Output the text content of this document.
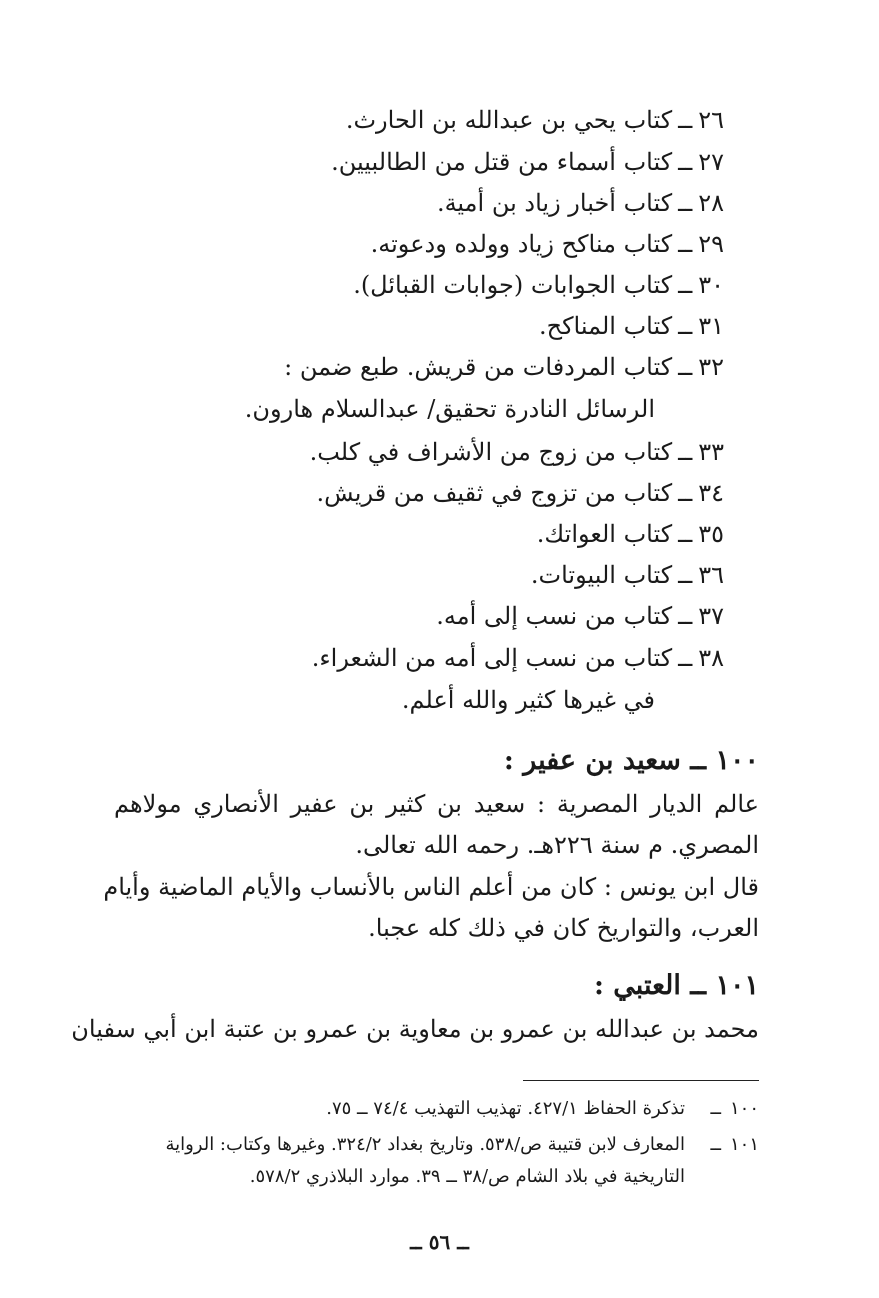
٢٦ــكتاب يحي بن عبدالله بن الحارث.
٢٧ــكتاب أسماء من قتل من الطالبيين.
٢٨ــكتاب أخبار زياد بن أمية.
٢٩ــكتاب مناكح زياد وولده ودعوته.
٣٠ــكتاب الجوابات (جوابات القبائل).
٣١ــكتاب المناكح.
٣٢ــكتاب المردفات من قريش. طبع ضمن :
الرسائل النادرة تحقيق/ عبدالسلام هارون.
٣٣ــكتاب من زوج من الأشراف في كلب.
٣٤ــكتاب من تزوج في ثقيف من قريش.
٣٥ــكتاب العواتك.
٣٦ــكتاب البيوتات.
٣٧ــكتاب من نسب إلى أمه.
٣٨ــكتاب من نسب إلى أمه من الشعراء.
في غيرها كثير والله أعلم.
١٠٠ ــ سعيد بن عفير :
عالم الديار المصرية : سعيد بن كثير بن عفير الأنصاري مولاهم
المصري. م سنة ٢٢٦هـ. رحمه الله تعالى.
قال ابن يونس : كان من أعلم الناس بالأنساب والأيام الماضية وأيام
العرب، والتواريخ كان في ذلك كله عجبا.
١٠١ ــ العتبي :
محمد بن عبدالله بن عمرو بن معاوية بن عمرو بن عتبة ابن أبي سفيان
١٠٠ــتذكرة الحفاظ ٤٢٧/١. تهذيب التهذيب ٧٤/٤ ــ ٧٥.
١٠١ــالمعارف لابن قتيبة ص/٥٣٨. وتاريخ بغداد ٣٢٤/٢. وغيرها وكتاب: الرواية
التاريخية في بلاد الشام ص/٣٨ ــ ٣٩. موارد البلاذري ٥٧٨/٢.
ــ ٥٦ ــ
